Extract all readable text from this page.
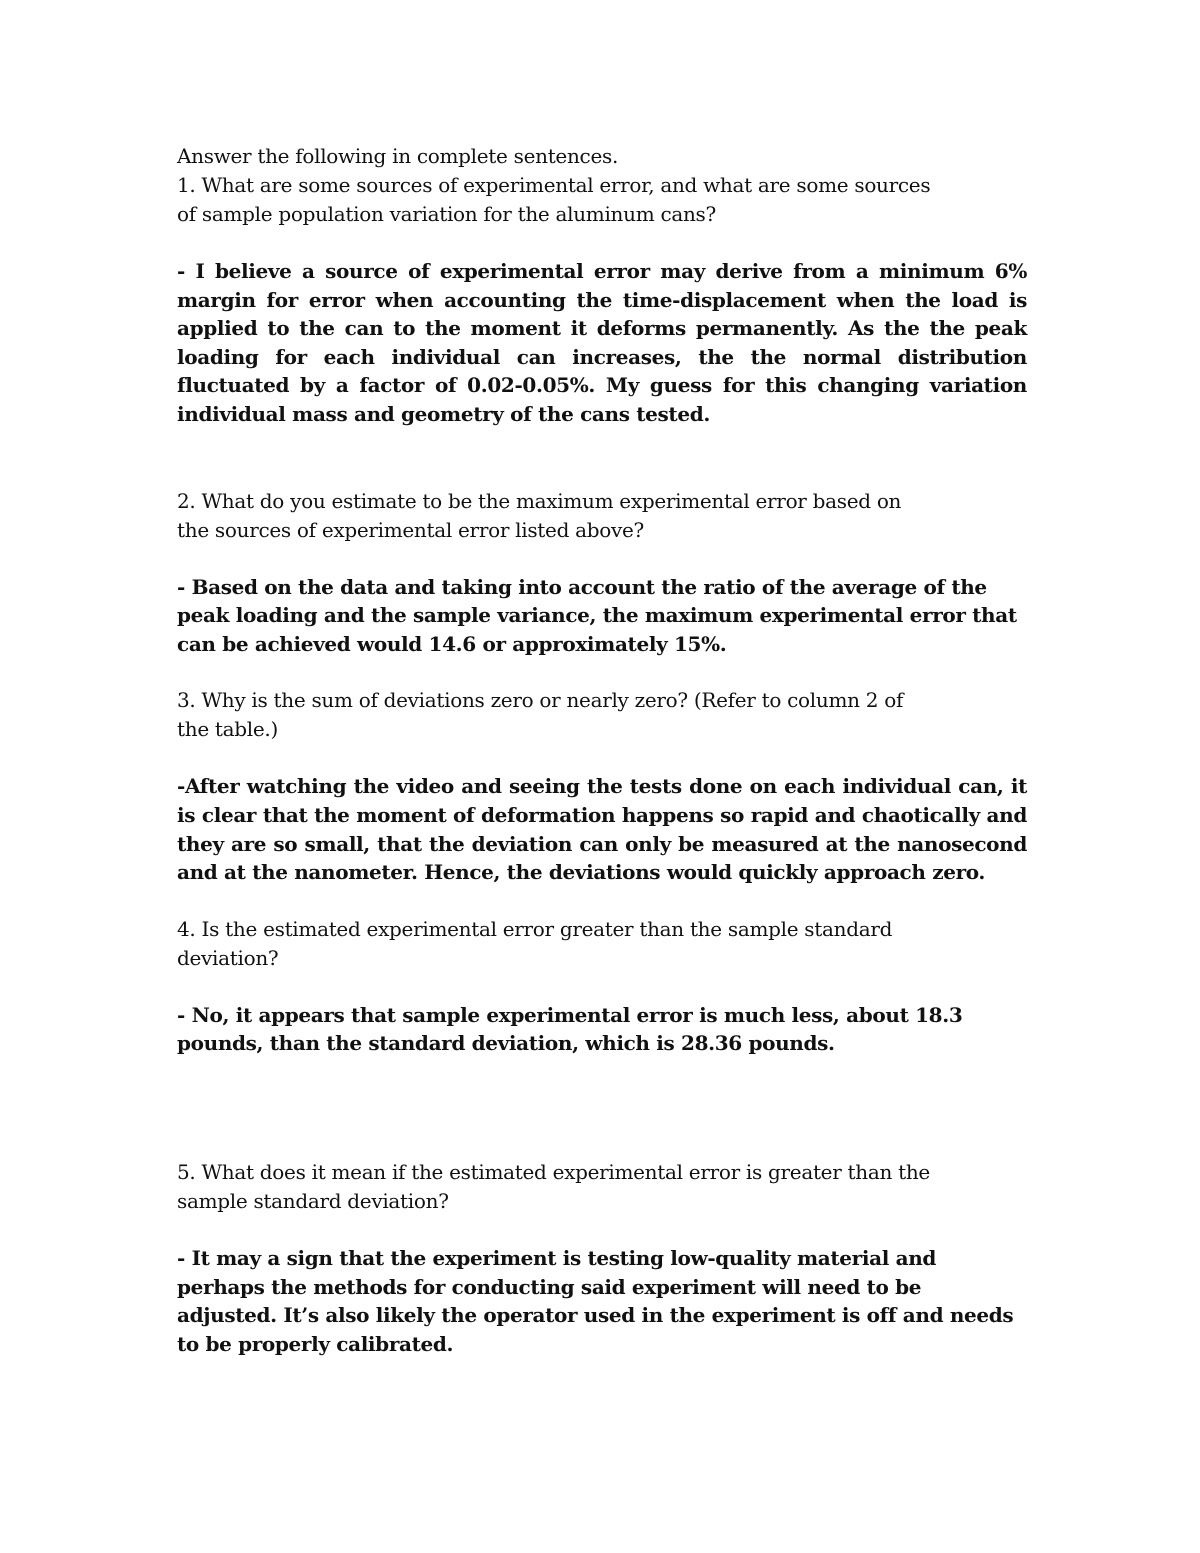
Answer the following in complete sentences.
1. What are some sources of experimental error, and what are some sources
of sample population variation for the aluminum cans?

- I believe a source of experimental error may derive from a minimum 6% margin for error when accounting the time-displacement when the load is applied to the can to the moment it deforms permanently. As the the peak loading for each individual can increases, the the normal distribution fluctuated by a factor of 0.02-0.05%. My guess for this changing variation individual mass and geometry of the cans tested.

2. What do you estimate to be the maximum experimental error based on
the sources of experimental error listed above?

- Based on the data and taking into account the ratio of the average of the peak loading and the sample variance, the maximum experimental error that can be achieved would 14.6 or approximately 15%.

3. Why is the sum of deviations zero or nearly zero? (Refer to column 2 of
the table.)

-After watching the video and seeing the tests done on each individual can, it is clear that the moment of deformation happens so rapid and chaotically and they are so small, that the deviation can only be measured at the nanosecond and at the nanometer. Hence, the deviations would quickly approach zero.

4. Is the estimated experimental error greater than the sample standard
deviation?

- No, it appears that sample experimental error is much less, about 18.3 pounds, than the standard deviation, which is 28.36 pounds.

5. What does it mean if the estimated experimental error is greater than the
sample standard deviation?

- It may a sign that the experiment is testing low-quality material and perhaps the methods for conducting said experiment will need to be adjusted. It’s also likely the operator used in the experiment is off and needs to be properly calibrated.
